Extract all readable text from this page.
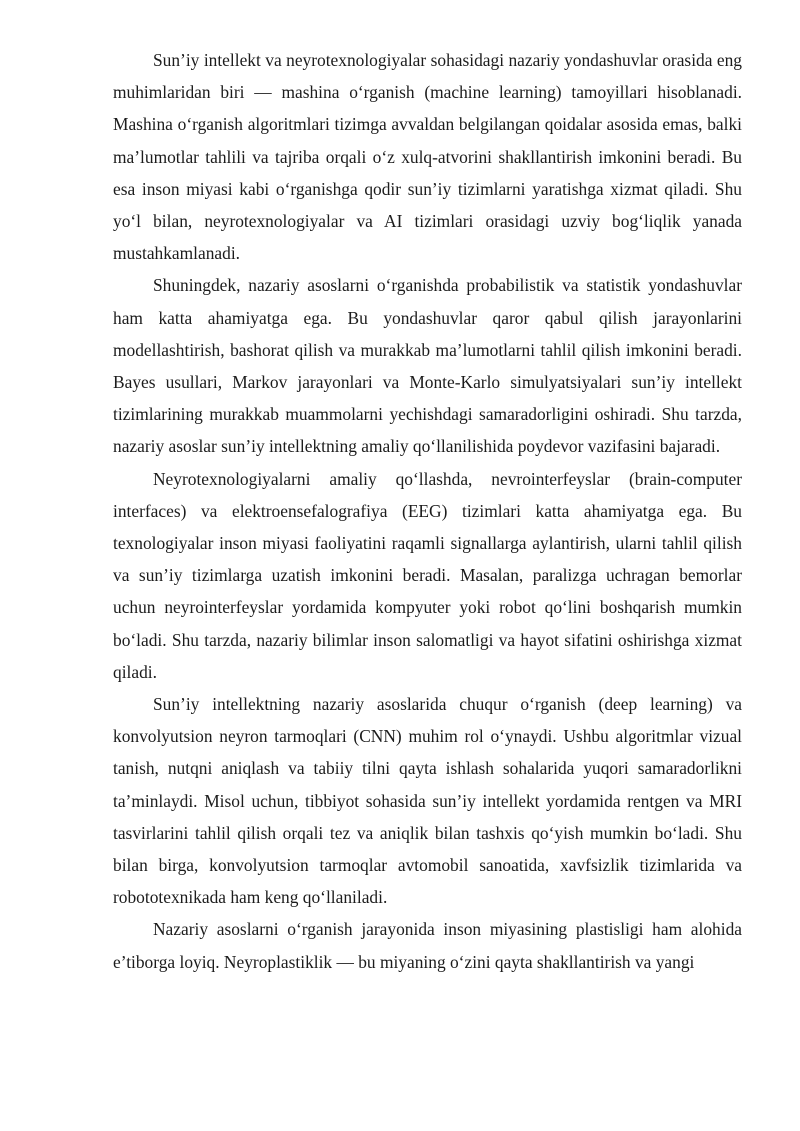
Sun’iy intellekt va neyrotexnologiyalar sohasidagi nazariy yondashuvlar orasida eng muhimlaridan biri — mashina o‘rganish (machine learning) tamoyillari hisoblanadi. Mashina o‘rganish algoritmlari tizimga avvaldan belgilangan qoidalar asosida emas, balki ma’lumotlar tahlili va tajriba orqali o‘z xulq-atvorini shakllantirish imkonini beradi. Bu esa inson miyasi kabi o‘rganishga qodir sun’iy tizimlarni yaratishga xizmat qiladi. Shu yo‘l bilan, neyrotexnologiyalar va AI tizimlari orasidagi uzviy bog‘liqlik yanada mustahkamlanadi.

Shuningdek, nazariy asoslarni o‘rganishda probabilistik va statistik yondashuvlar ham katta ahamiyatga ega. Bu yondashuvlar qaror qabul qilish jarayonlarini modellashtirish, bashorat qilish va murakkab ma’lumotlarni tahlil qilish imkonini beradi. Bayes usullari, Markov jarayonlari va Monte-Karlo simulyatsiyalari sun’iy intellekt tizimlarining murakkab muammolarni yechishdagi samaradorligini oshiradi. Shu tarzda, nazariy asoslar sun’iy intellektning amaliy qo‘llanilishida poydevor vazifasini bajaradi.

Neyrotexnologiyalarni amaliy qo‘llashda, nevrointerfeyslar (brain-computer interfaces) va elektroensefalografiya (EEG) tizimlari katta ahamiyatga ega. Bu texnologiyalar inson miyasi faoliyatini raqamli signallarga aylantirish, ularni tahlil qilish va sun’iy tizimlarga uzatish imkonini beradi. Masalan, paralizga uchragan bemorlar uchun neyrointerfeyslar yordamida kompyuter yoki robot qo‘lini boshqarish mumkin bo‘ladi. Shu tarzda, nazariy bilimlar inson salomatligi va hayot sifatini oshirishga xizmat qiladi.

Sun’iy intellektning nazariy asoslarida chuqur o‘rganish (deep learning) va konvolyutsion neyron tarmoqlari (CNN) muhim rol o‘ynaydi. Ushbu algoritmlar vizual tanish, nutqni aniqlash va tabiiy tilni qayta ishlash sohalarida yuqori samaradorlikni ta’minlaydi. Misol uchun, tibbiyot sohasida sun’iy intellekt yordamida rentgen va MRI tasvirlarini tahlil qilish orqali tez va aniqlik bilan tashxis qo‘yish mumkin bo‘ladi. Shu bilan birga, konvolyutsion tarmoqlar avtomobil sanoatida, xavfsizlik tizimlarida va robototexnikada ham keng qo‘llaniladi.

Nazariy asoslarni o‘rganish jarayonida inson miyasining plastisligi ham alohida e’tiborga loyiq. Neyroplastiklik — bu miyaning o‘zini qayta shakllantirish va yangi
